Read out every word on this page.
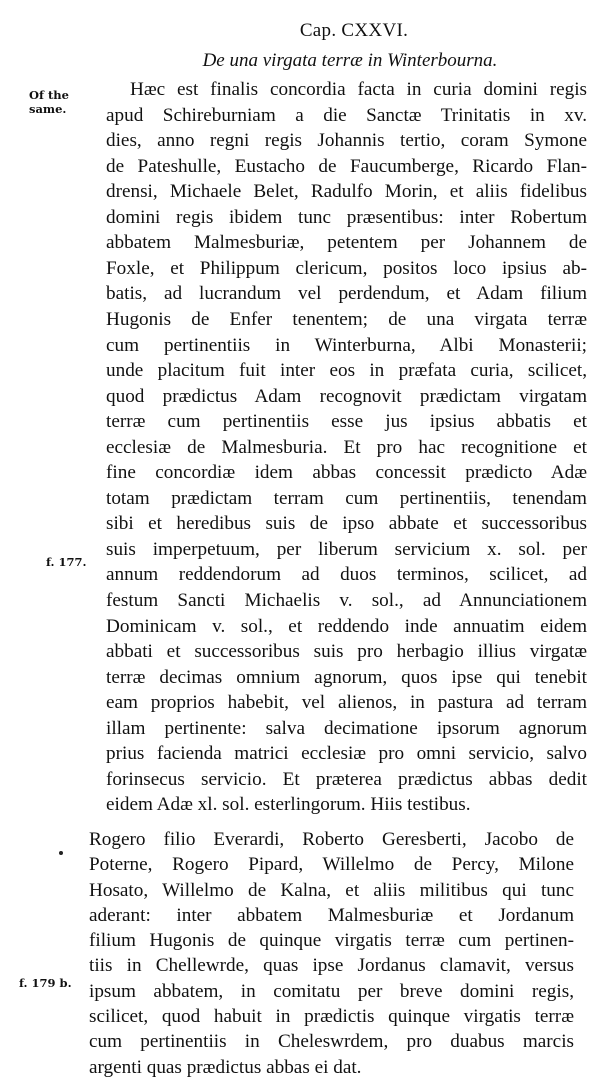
Cap. CXXVI.
De una virgata terræ in Winterbournа.
Of the same.
f. 177.
f. 179 b.
Hæc est finalis concordia facta in curia domini regis
apud Schireburniam a die Sanctæ Trinitatis in xv.
dies, anno regni regis Johannis tertio, coram Symone
de Pateshulle, Eustacho de Faucumberge, Ricardo Flan-
drensi, Michaele Belet, Radulfo Morin, et aliis fidelibus
domini regis ibidem tunc præsentibus: inter Robertum
abbatem Malmesburiæ, petentem per Johannem de
Foxle, et Philippum clericum, positos loco ipsius ab-
batis, ad lucrandum vel perdendum, et Adam filium
Hugonis de Enfer tenentem; de una virgata terræ
cum pertinentiis in Winterburna, Albi Monasterii;
unde placitum fuit inter eos in præfata curia, scilicet,
quod prædictus Adam recognovit prædictam virgatam
terræ cum pertinentiis esse jus ipsius abbatis et
ecclesiæ de Malmesburia. Et pro hac recognitione et
fine concordiæ idem abbas concessit prædicto Adæ
totam prædictam terram cum pertinentiis, tenendam
sibi et heredibus suis de ipso abbate et successoribus
suis imperpetuum, per liberum servicium x. sol. per
annum reddendorum ad duos terminos, scilicet, ad
festum Sancti Michaelis v. sol., ad Annunciationem
Dominicam v. sol., et reddendo inde annuatim eidem
abbati et successoribus suis pro herbagio illius virgatæ
terræ decimas omnium agnorum, quos ipse qui tenebit
eam proprios habebit, vel alienos, in pastura ad terram
illam pertinente: salva decimatione ipsorum agnorum
prius facienda matrici ecclesiæ pro omni servicio, salvo
forinsecus servicio. Et præterea prædictus abbas dedit
eidem Adæ xl. sol. esterlingorum. Hiis testibus.
Rogero filio Everardi, Roberto Geresberti, Jacobo de
Poterne, Rogero Pipard, Willelmo de Percy, Milone
Hosato, Willelmo de Kalna, et aliis militibus qui tunc
aderant: inter abbatem Malmesburiæ et Jordanum
filium Hugonis de quinque virgatis terræ cum pertinen-
tiis in Chellewrde, quas ipse Jordanus clamavit, versus
ipsum abbatem, in comitatu per breve domini regis,
scilicet, quod habuit in prædictis quinque virgatis terræ
cum pertinentiis in Cheleswrdem, pro duabus marcis
argenti quas prædictus abbas ei dat.
